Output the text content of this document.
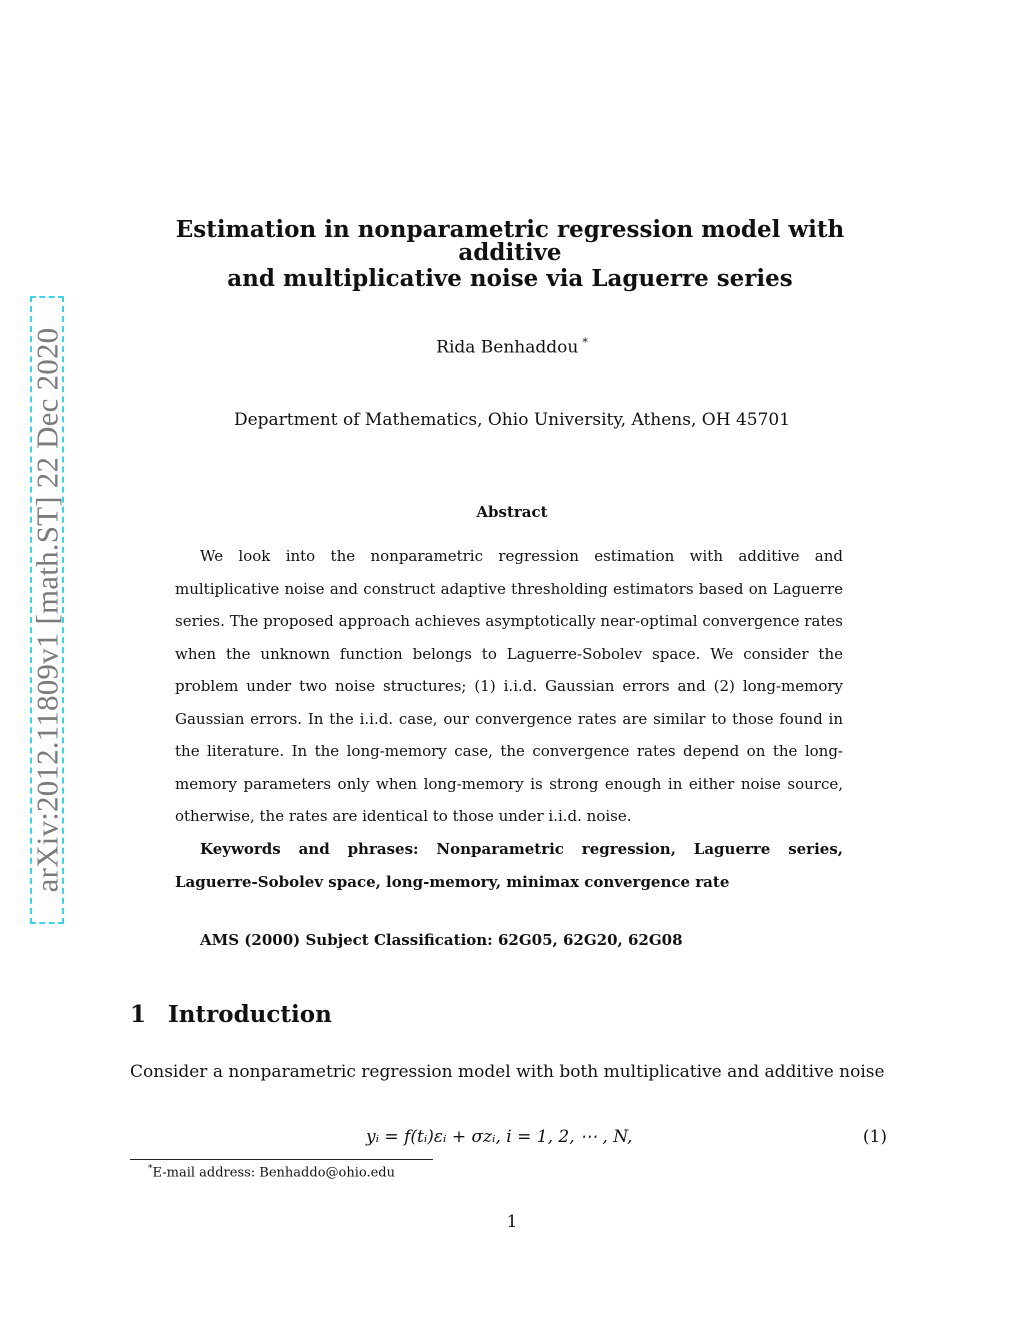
arXiv:2012.11809v1 [math.ST] 22 Dec 2020
Estimation in nonparametric regression model with additive
and multiplicative noise via Laguerre series
Rida Benhaddou *
Department of Mathematics, Ohio University, Athens, OH 45701
Abstract

We look into the nonparametric regression estimation with additive and multiplicative noise and construct adaptive thresholding estimators based on Laguerre series. The proposed approach achieves asymptotically near-optimal convergence rates when the unknown function belongs to Laguerre-Sobolev space. We consider the problem under two noise structures; (1) i.i.d. Gaussian errors and (2) long-memory Gaussian errors. In the i.i.d. case, our convergence rates are similar to those found in the literature. In the long-memory case, the convergence rates depend on the long-memory parameters only when long-memory is strong enough in either noise source, otherwise, the rates are identical to those under i.i.d. noise.

Keywords and phrases: Nonparametric regression, Laguerre series, Laguerre-Sobolev space, long-memory, minimax convergence rate

AMS (2000) Subject Classification: 62G05, 62G20, 62G08
1 Introduction
Consider a nonparametric regression model with both multiplicative and additive noise
yᵢ = f(tᵢ)εᵢ + σzᵢ, i = 1, 2, ⋯ , N,	(1)
*E-mail address: Benhaddo@ohio.edu
1
